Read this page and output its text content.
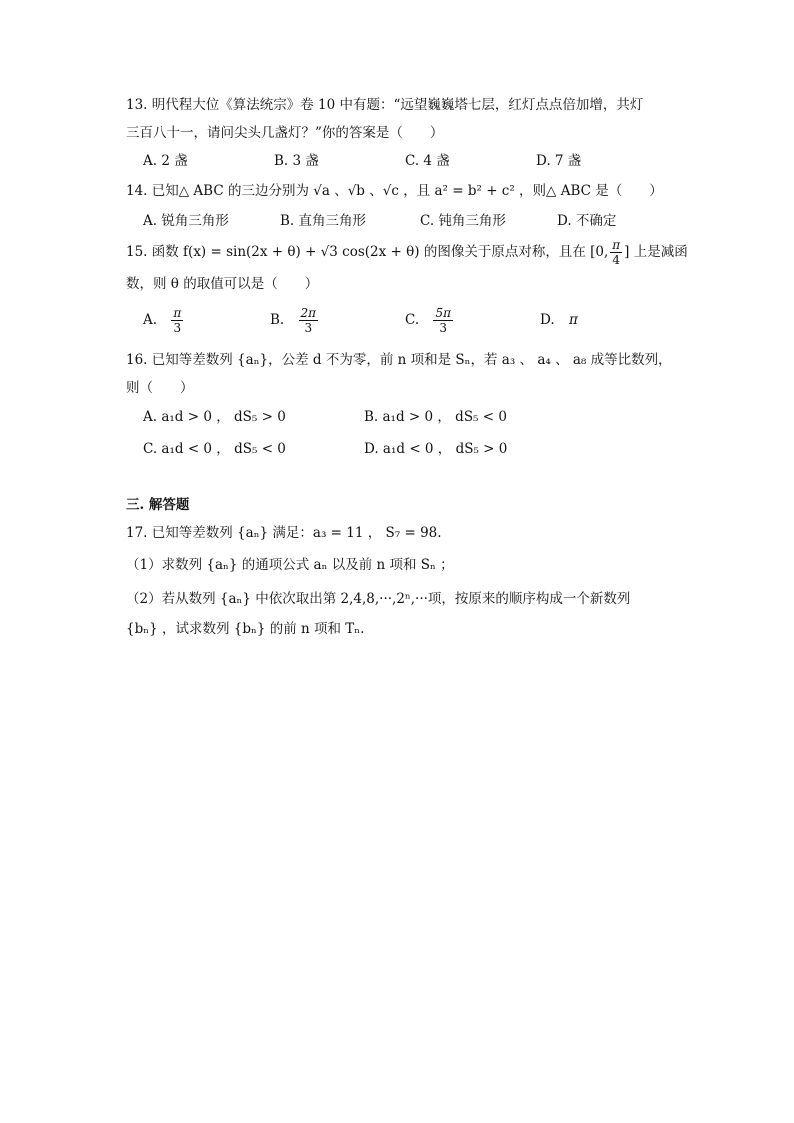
13. 明代程大位《算法统宗》卷 10 中有题：“远望巍巍塔七层，红灯点点倍加增，共灯
三百八十一，请问尖头几盏灯？”你的答案是（　　）
A. 2 盏	B. 3 盏	C. 4 盏	D. 7 盏
14. 已知△ ABC 的三边分别为 √a 、√b 、√c ，且 a² = b² + c² ，则△ ABC 是（　　）
A. 锐角三角形	B. 直角三角形	C. 钝角三角形	D. 不确定
15. 函数 f(x) = sin(2x + θ) + √3 cos(2x + θ) 的图像关于原点对称，且在 [0, $\frac{\pi}{4}$ ] 上是减函
数，则 θ 的取值可以是（　　）
A. $\frac{\pi}{3}$	B. $\frac{2\pi}{3}$	C. $\frac{5\pi}{3}$	D. π
16. 已知等差数列 {aₙ}，公差 d 不为零，前 n 项和是 Sₙ，若 a₃ 、 a₄ 、 a₈ 成等比数列，
则（　　）
A. a₁d > 0 ， dS₅ > 0	B. a₁d > 0 ， dS₅ < 0
C. a₁d < 0 ， dS₅ < 0	D. a₁d < 0 ， dS₅ > 0
三. 解答题
17. 已知等差数列 {aₙ} 满足：a₃ = 11 ， S₇ = 98.
（1）求数列 {aₙ} 的通项公式 aₙ 以及前 n 项和 Sₙ ；
（2）若从数列 {aₙ} 中依次取出第 2,4,8,···,2ⁿ,···项，按原来的顺序构成一个新数列
{bₙ} ，试求数列 {bₙ} 的前 n 项和 Tₙ.
